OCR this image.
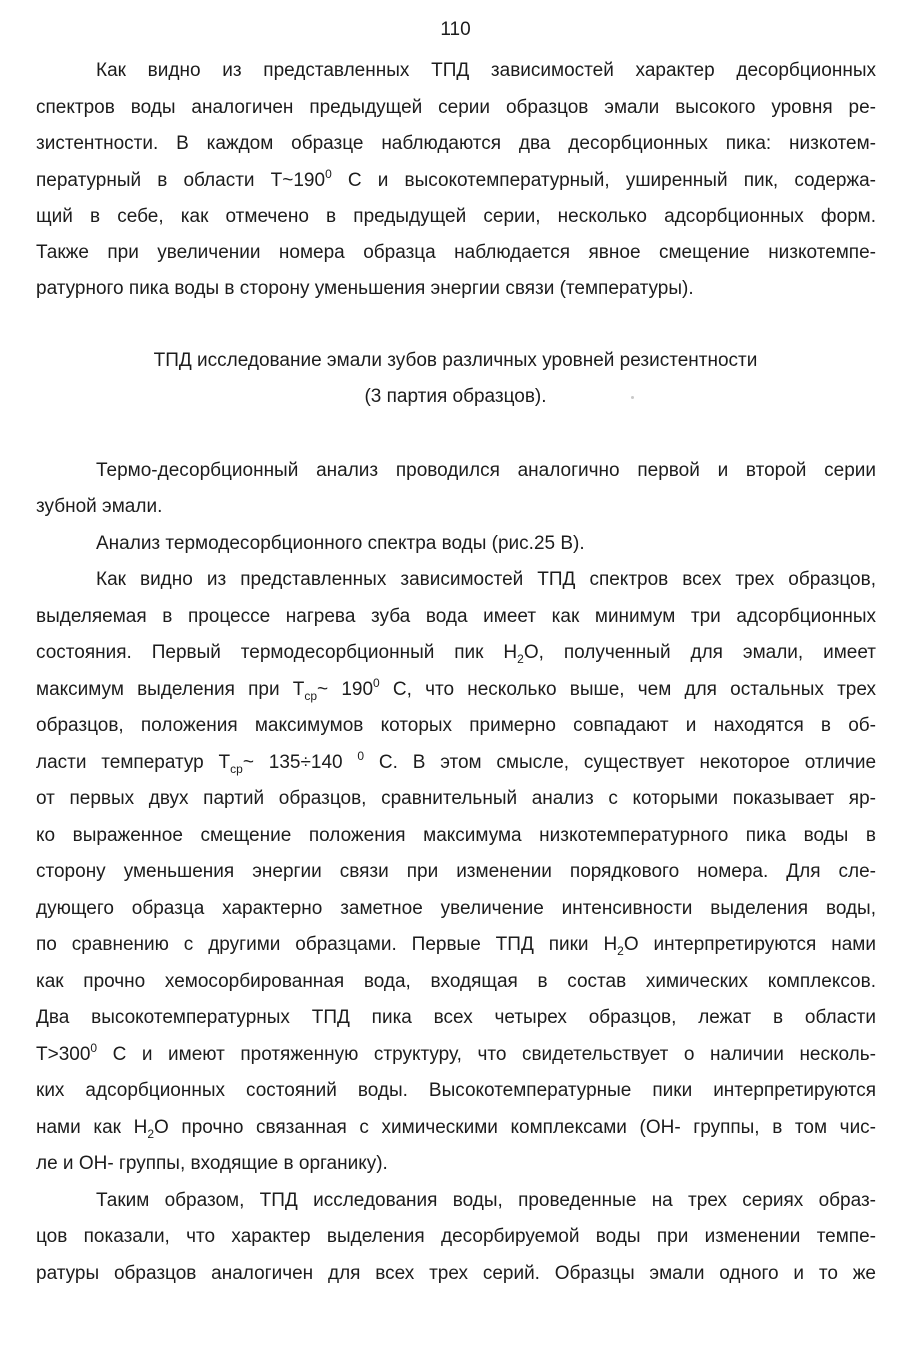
110
Как видно из представленных ТПД зависимостей характер десорбционных
спектров воды аналогичен предыдущей серии образцов эмали высокого уровня ре-
зистентности. В каждом образце наблюдаются два десорбционных пика: низкотем-
пературный в области $Т\sim 190^0$ С и высокотемпературный, уширенный пик, содержа-
щий в себе, как отмечено в предыдущей серии, несколько адсорбционных форм.
Также при увеличении номера образца наблюдается явное смещение низкотемпе-
ратурного пика воды в сторону уменьшения энергии связи (температуры).
ТПД исследование эмали зубов различных уровней резистентности
(3 партия образцов).
Термо-десорбционный анализ проводился аналогично первой и второй серии
зубной эмали.
Анализ термодесорбционного спектра воды (рис.25 В).
Как видно из представленных зависимостей ТПД спектров всех трех образцов,
выделяемая в процессе нагрева зуба вода имеет как минимум три адсорбционных
состояния. Первый термодесорбционный пик $Н_2О$, полученный для эмали, имеет
максимум выделения при $Т_{ср}\sim$ $190^0$ С, что несколько выше, чем для остальных трех
образцов, положения максимумов которых примерно совпадают и находятся в об-
ласти температур $Т_{ср}\sim$ 135÷140 $^0$ С. В этом смысле, существует некоторое отличие
от первых двух партий образцов, сравнительный анализ с которыми показывает яр-
ко выраженное смещение положения максимума низкотемпературного пика воды в
сторону уменьшения энергии связи при изменении порядкового номера. Для сле-
дующего образца характерно заметное увеличение интенсивности выделения воды,
по сравнению с другими образцами. Первые ТПД пики $Н_2О$ интерпретируются нами
как прочно хемосорбированная вода, входящая в состав химических комплексов.
Два высокотемпературных ТПД пика всех четырех образцов, лежат в области
$Т>300^0$ С и имеют протяженную структуру, что свидетельствует о наличии несколь-
ких адсорбционных состояний воды. Высокотемпературные пики интерпретируются
нами как $Н_2О$ прочно связанная с химическими комплексами (ОН- группы, в том чис-
ле и ОН- группы, входящие в органику).
Таким образом, ТПД исследования воды, проведенные на трех сериях образ-
цов показали, что характер выделения десорбируемой воды при изменении темпе-
ратуры образцов аналогичен для всех трех серий. Образцы эмали одного и то же
